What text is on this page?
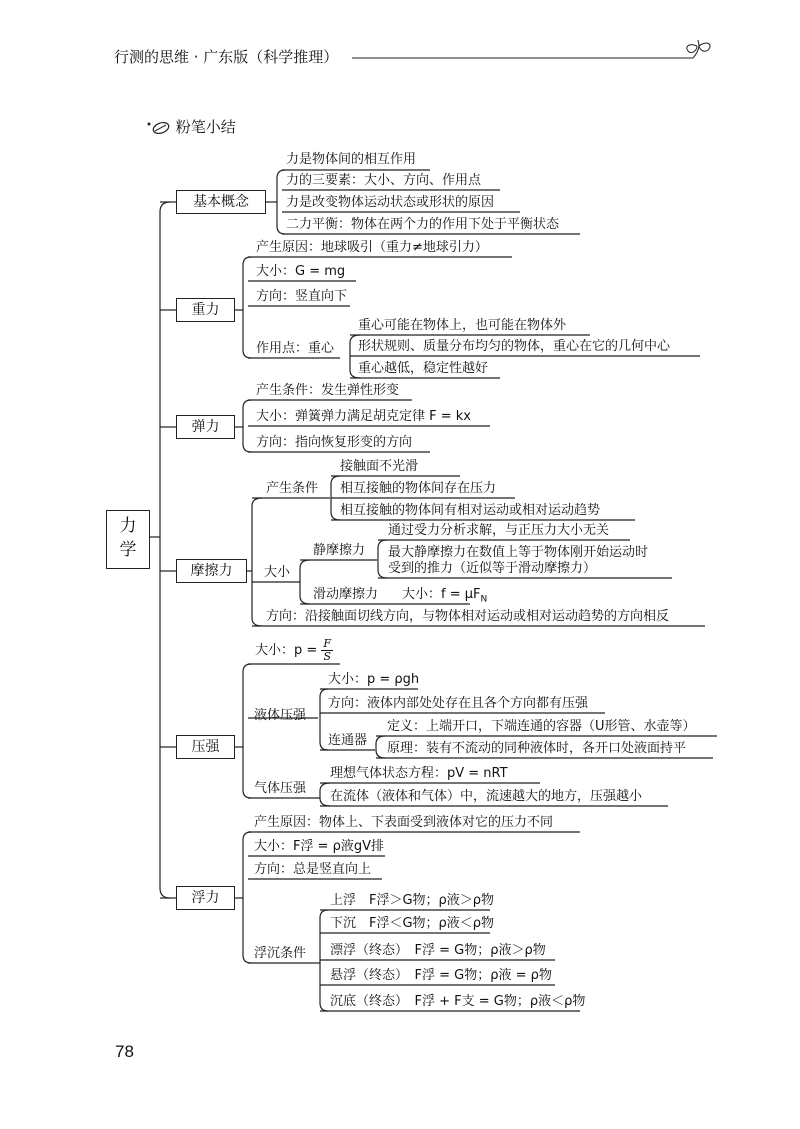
行测的思维 · 广东版（科学推理）
粉笔小结
力学
基本概念
重力
弹力
摩擦力
压强
浮力
力是物体间的相互作用
力的三要素：大小、方向、作用点
力是改变物体运动状态或形状的原因
二力平衡：物体在两个力的作用下处于平衡状态
产生原因：地球吸引（重力≠地球引力）
大小：G = mg
方向：竖直向下
作用点：重心
重心可能在物体上，也可能在物体外
形状规则、质量分布均匀的物体，重心在它的几何中心
重心越低，稳定性越好
产生条件：发生弹性形变
大小：弹簧弹力满足胡克定律 F = kx
方向：指向恢复形变的方向
产生条件
接触面不光滑
相互接触的物体间存在压力
相互接触的物体间有相对运动或相对运动趋势
大小
静摩擦力
通过受力分析求解，与正压力大小无关
最大静摩擦力在数值上等于物体刚开始运动时
受到的推力（近似等于滑动摩擦力）
滑动摩擦力 大小：$f = \mu F_N$
方向：沿接触面切线方向，与物体相对运动或相对运动趋势的方向相反
大小：$p = \frac{F}{S}$
液体压强
大小：p = ρgh
方向：液体内部处处存在且各个方向都有压强
连通器
定义：上端开口，下端连通的容器（U形管、水壶等）
原理：装有不流动的同种液体时，各开口处液面持平
气体压强
理想气体状态方程：pV = nRT
在流体（液体和气体）中，流速越大的地方，压强越小
产生原因：物体上、下表面受到液体对它的压力不同
大小：F浮 = ρ液gV排
方向：总是竖直向上
浮沉条件
上浮　F浮＞G物；ρ液＞ρ物
下沉　F浮＜G物；ρ液＜ρ物
漂浮（终态）　F浮 = G物；ρ液＞ρ物
悬浮（终态）　F浮 = G物；ρ液 = ρ物
沉底（终态）　F浮 + F支 = G物；ρ液＜ρ物
78
